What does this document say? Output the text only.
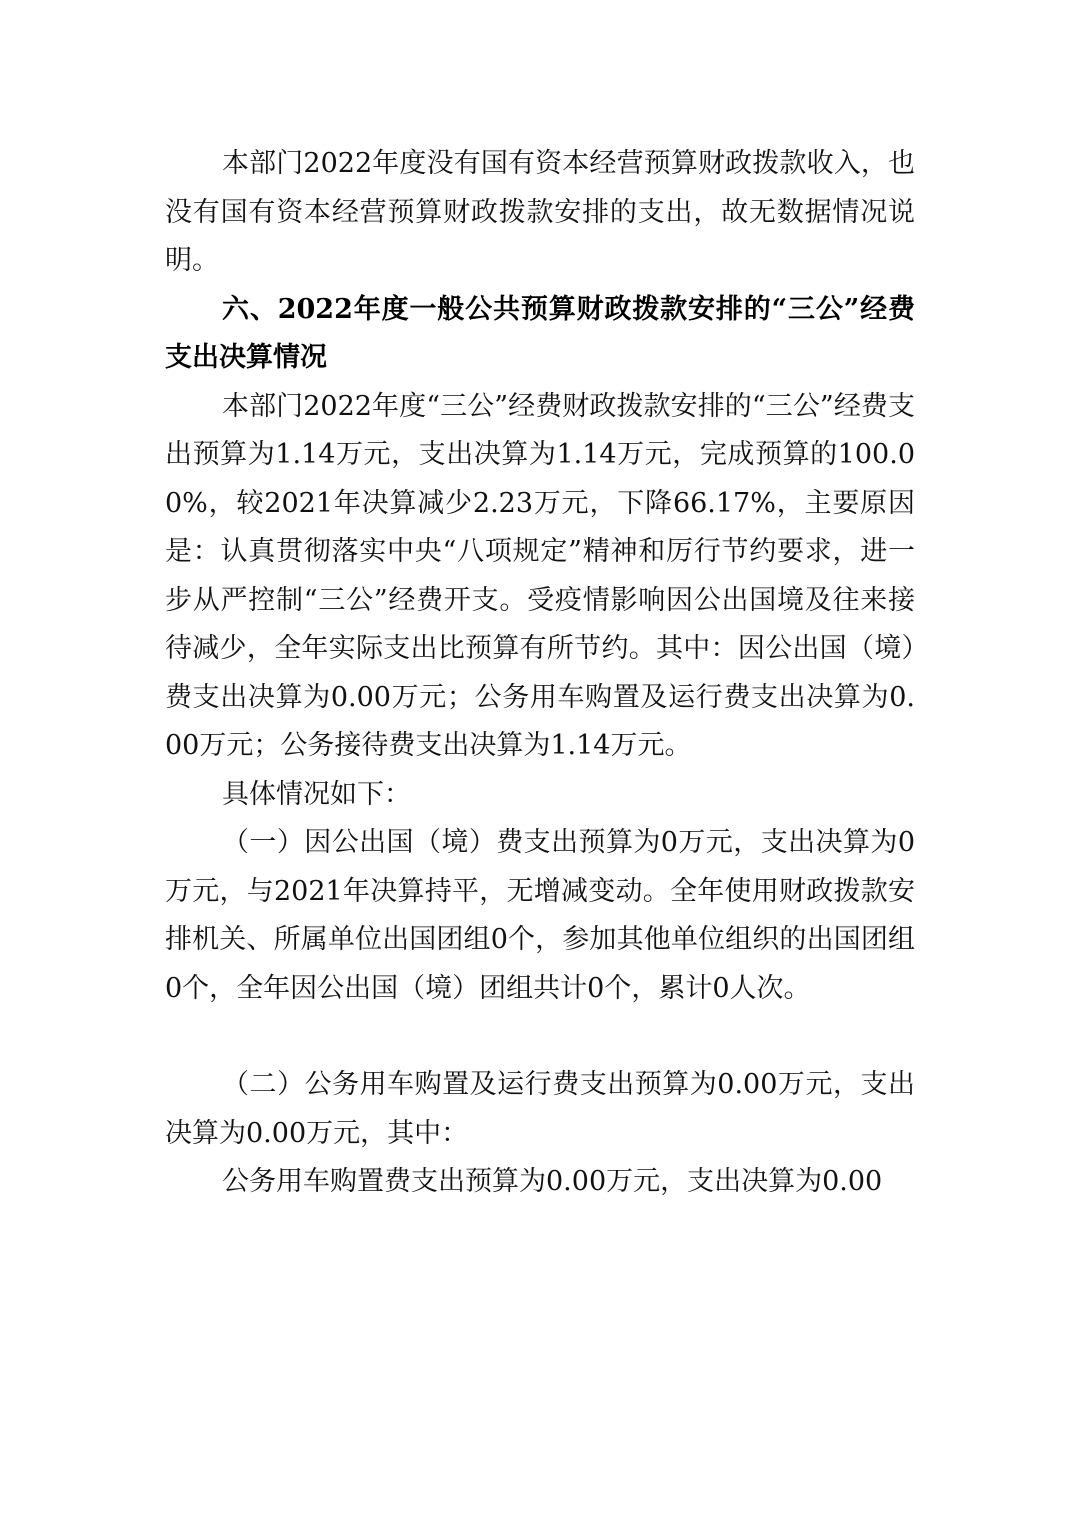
本部门2022年度没有国有资本经营预算财政拨款收入，也没有国有资本经营预算财政拨款安排的支出，故无数据情况说明。

六、2022年度一般公共预算财政拨款安排的“三公”经费支出决算情况

本部门2022年度“三公”经费财政拨款安排的“三公”经费支出预算为1.14万元，支出决算为1.14万元，完成预算的100.00%，较2021年决算减少2.23万元，下降66.17%，主要原因是：认真贯彻落实中央“八项规定”精神和厉行节约要求，进一步从严控制“三公”经费开支。受疫情影响因公出国境及往来接待减少，全年实际支出比预算有所节约。其中：因公出国（境）费支出决算为0.00万元；公务用车购置及运行费支出决算为0.00万元；公务接待费支出决算为1.14万元。

具体情况如下：

（一）因公出国（境）费支出预算为0万元，支出决算为0万元，与2021年决算持平，无增减变动。全年使用财政拨款安排机关、所属单位出国团组0个，参加其他单位组织的出国团组0个，全年因公出国（境）团组共计0个，累计0人次。

（二）公务用车购置及运行费支出预算为0.00万元，支出决算为0.00万元，其中：

公务用车购置费支出预算为0.00万元，支出决算为0.00
